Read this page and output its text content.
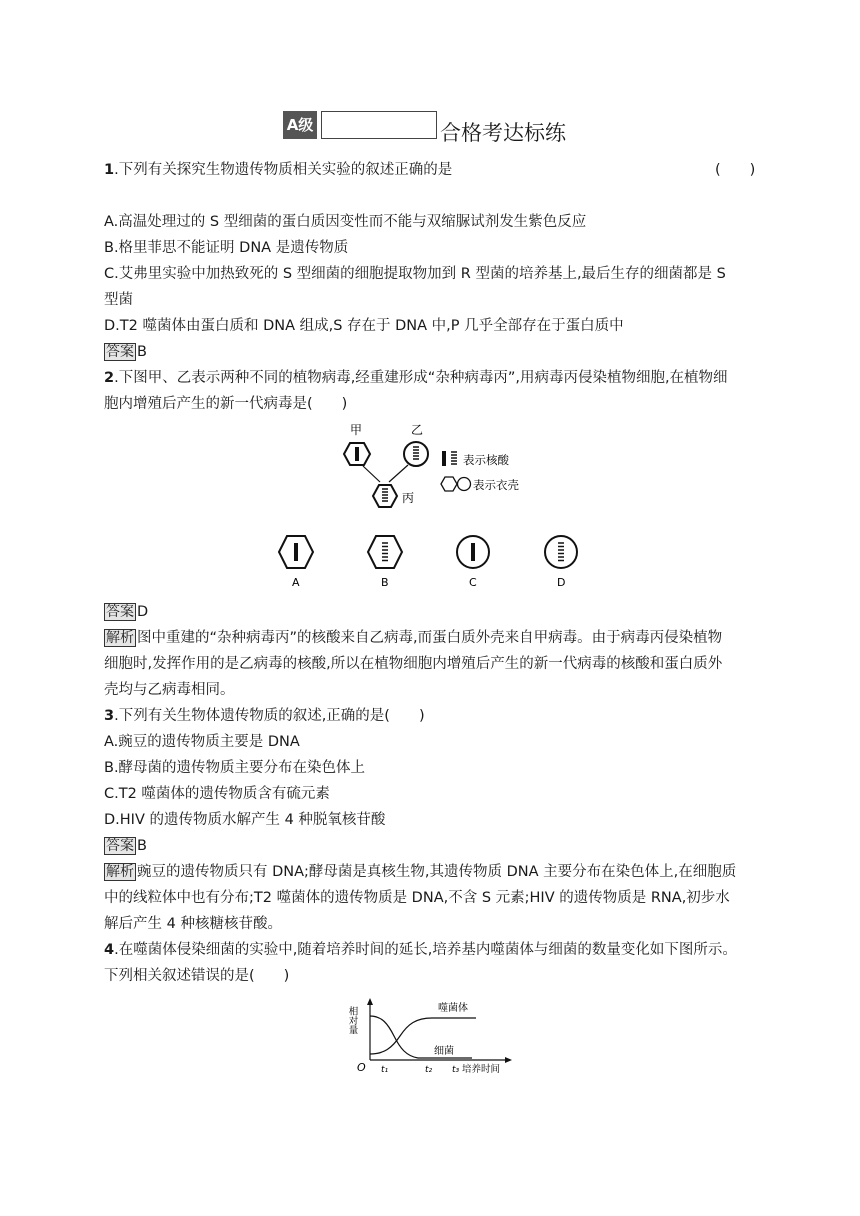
A级	合格考达标练
1.下列有关探究生物遗传物质相关实验的叙述正确的是	(　　)
A.高温处理过的 S 型细菌的蛋白质因变性而不能与双缩脲试剂发生紫色反应
B.格里菲思不能证明 DNA 是遗传物质
C.艾弗里实验中加热致死的 S 型细菌的细胞提取物加到 R 型菌的培养基上,最后生存的细菌都是 S
型菌
D.T2 噬菌体由蛋白质和 DNA 组成,S 存在于 DNA 中,P 几乎全部存在于蛋白质中
答案 B
2.下图甲、乙表示两种不同的植物病毒,经重建形成“杂种病毒丙”,用病毒丙侵染植物细胞,在植物细
胞内增殖后产生的新一代病毒是(　　)
甲	乙
丙
表示核酸
表示衣壳
A	B	C	D
答案 D
解析 图中重建的“杂种病毒丙”的核酸来自乙病毒,而蛋白质外壳来自甲病毒。由于病毒丙侵染植物
细胞时,发挥作用的是乙病毒的核酸,所以在植物细胞内增殖后产生的新一代病毒的核酸和蛋白质外
壳均与乙病毒相同。
3.下列有关生物体遗传物质的叙述,正确的是(　　)
A.豌豆的遗传物质主要是 DNA
B.酵母菌的遗传物质主要分布在染色体上
C.T2 噬菌体的遗传物质含有硫元素
D.HIV 的遗传物质水解产生 4 种脱氧核苷酸
答案 B
解析 豌豆的遗传物质只有 DNA;酵母菌是真核生物,其遗传物质 DNA 主要分布在染色体上,在细胞质
中的线粒体中也有分布;T2 噬菌体的遗传物质是 DNA,不含 S 元素;HIV 的遗传物质是 RNA,初步水
解后产生 4 种核糖核苷酸。
4.在噬菌体侵染细菌的实验中,随着培养时间的延长,培养基内噬菌体与细菌的数量变化如下图所示。
下列相关叙述错误的是(　　)
相对量
O
噬菌体
细菌
t₁	t₂ t₃ 培养时间
